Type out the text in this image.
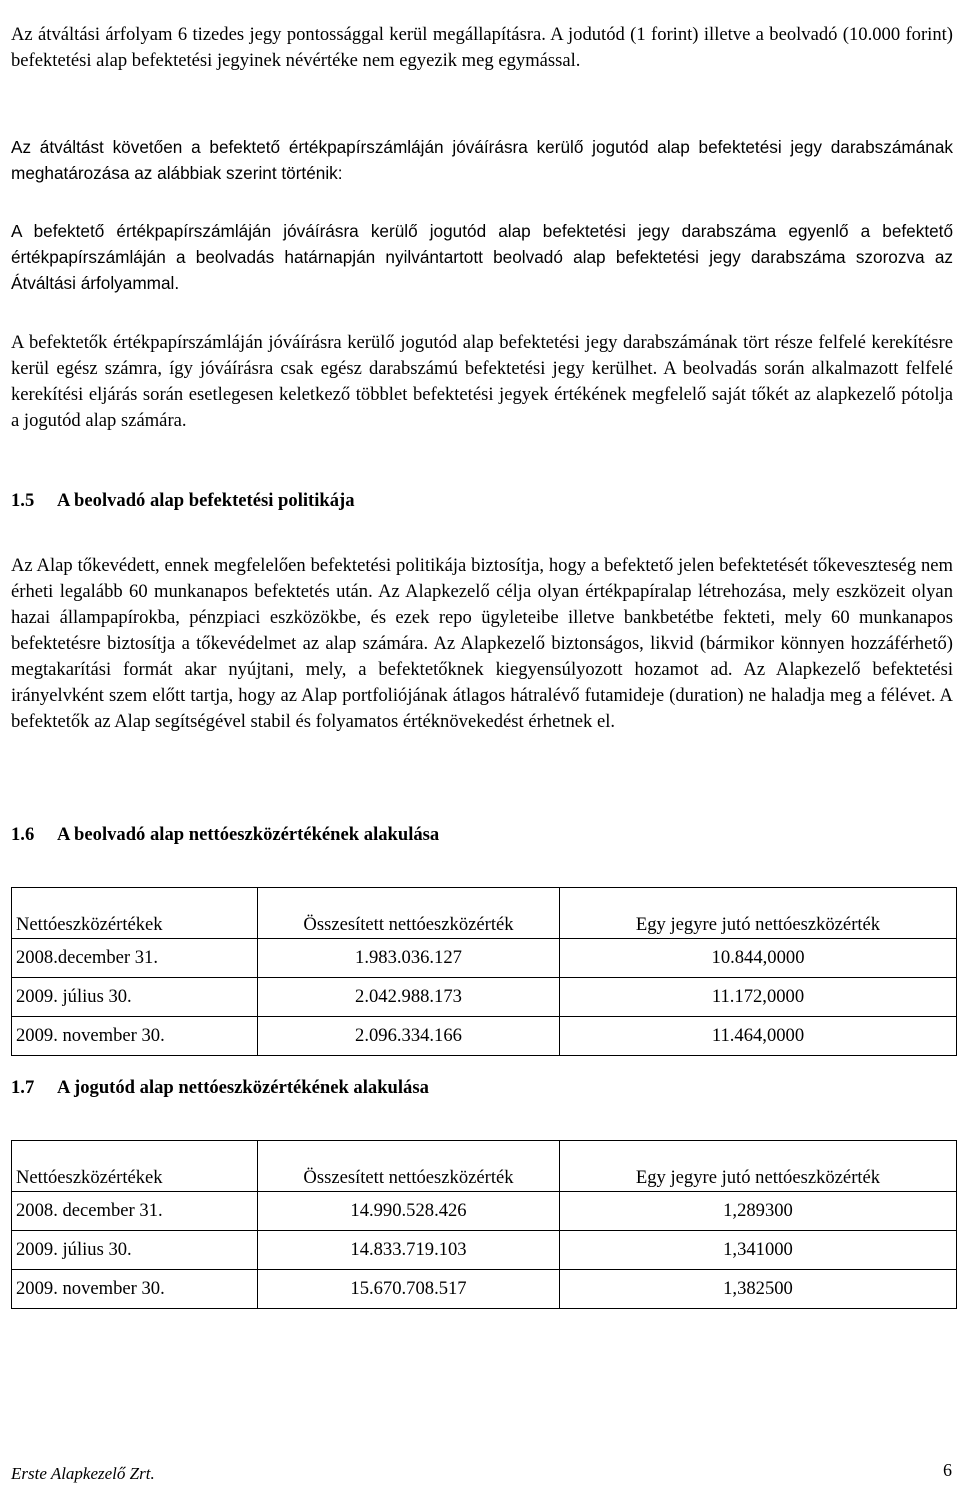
Az átváltási árfolyam 6 tizedes jegy pontossággal kerül megállapításra. A jodutód (1 forint) illetve a beolvadó (10.000 forint) befektetési alap befektetési jegyinek névértéke nem egyezik meg egymással.

Az átváltást követően a befektető értékpapírszámláján jóváírásra kerülő jogutód alap befektetési jegy darabszámának meghatározása az alábbiak szerint történik:

A befektető értékpapírszámláján jóváírásra kerülő jogutód alap befektetési jegy darabszáma egyenlő a befektető értékpapírszámláján a beolvadás határnapján nyilvántartott beolvadó alap befektetési jegy darabszáma szorozva az Átváltási árfolyammal.

A befektetők értékpapírszámláján jóváírásra kerülő jogutód alap befektetési jegy darabszámának tört része felfelé kerekítésre kerül egész számra, így jóváírásra csak egész darabszámú befektetési jegy kerülhet. A beolvadás során alkalmazott felfelé kerekítési eljárás során esetlegesen keletkező többlet befektetési jegyek értékének megfelelő saját tőkét az alapkezelő pótolja a jogutód alap számára.

1.5 A beolvadó alap befektetési politikája

Az Alap tőkevédett, ennek megfelelően befektetési politikája biztosítja, hogy a befektető jelen befektetését tőkeveszteség nem érheti legalább 60 munkanapos befektetés után. Az Alapkezelő célja olyan értékpapíralap létrehozása, mely eszközeit olyan hazai állampapírokba, pénzpiaci eszközökbe, és ezek repo ügyleteibe illetve bankbetétbe fekteti, mely 60 munkanapos befektetésre biztosítja a tőkevédelmet az alap számára. Az Alapkezelő biztonságos, likvid (bármikor könnyen hozzáférhető) megtakarítási formát akar nyújtani, mely, a befektetőknek kiegyensúlyozott hozamot ad. Az Alapkezelő befektetési irányelvként szem előtt tartja, hogy az Alap portfoliójának átlagos hátralévő futamideje (duration) ne haladja meg a félévet. A befektetők az Alap segítségével stabil és folyamatos értéknövekedést érhetnek el.

1.6 A beolvadó alap nettóeszközértékének alakulása
Nettóeszközértékek	Összesített nettóeszközérték	Egy jegyre jutó nettóeszközérték
2008.december 31.	1.983.036.127	10.844,0000
2009. július 30.	2.042.988.173	11.172,0000
2009. november 30.	2.096.334.166	11.464,0000
1.7 A jogutód alap nettóeszközértékének alakulása
Nettóeszközértékek	Összesített nettóeszközérték	Egy jegyre jutó nettóeszközérték
2008. december 31.	14.990.528.426	1,289300
2009. július 30.	14.833.719.103	1,341000
2009. november 30.	15.670.708.517	1,382500
Erste Alapkezelő Zrt.	6
